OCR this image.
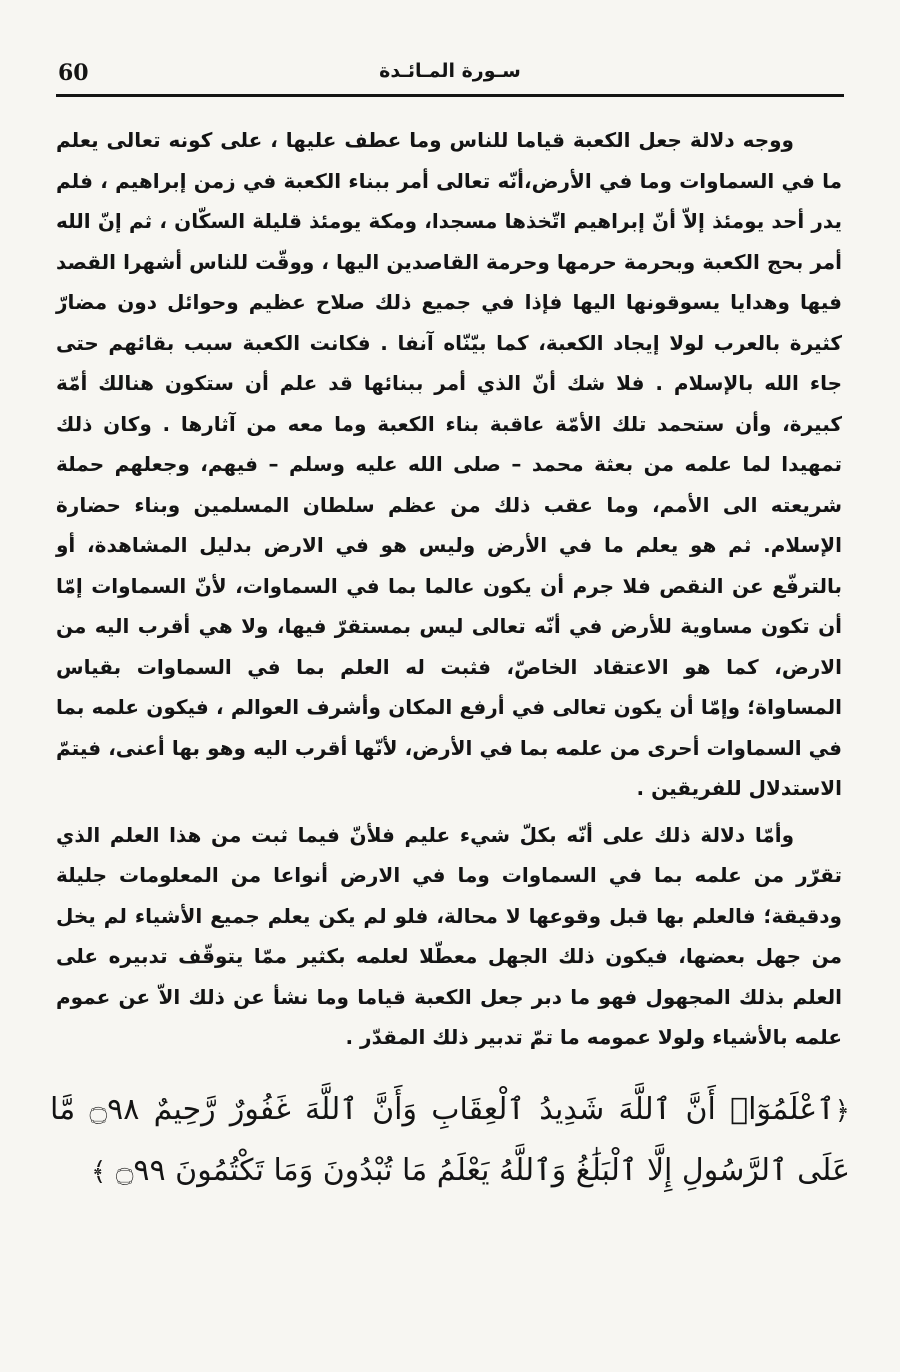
60	سـورة المـائـدة

ووجه دلالة جعل الكعبة قياما للناس وما عطف عليها ، على كونه تعالى يعلم ما في السماوات وما في الأرض،أنّه تعالى أمر ببناء الكعبة في زمن إبراهيم ، فلم يدر أحد يومئذ إلاّ أنّ إبراهيم اتّخذها مسجدا، ومكة يومئذ قليلة السكّان ، ثم إنّ الله أمر بحج الكعبة وبحرمة حرمها وحرمة القاصدين اليها ، ووقّت للناس أشهرا القصد فيها وهدايا يسوقونها اليها فإذا في جميع ذلك صلاح عظيم وحوائل دون مضارّ كثيرة بالعرب لولا إيجاد الكعبة، كما بيّنّاه آنفا . فكانت الكعبة سبب بقائهم حتى جاء الله بالإسلام . فلا شك أنّ الذي أمر ببنائها قد علم أن ستكون هنالك أمّة كبيرة، وأن ستحمد تلك الأمّة عاقبة بناء الكعبة وما معه من آثارها . وكان ذلك تمهيدا لما علمه من بعثة محمد – صلى الله عليه وسلم – فيهم، وجعلهم حملة شريعته الى الأمم، وما عقب ذلك من عظم سلطان المسلمين وبناء حضارة الإسلام. ثم هو يعلم ما في الأرض وليس هو في الارض بدليل المشاهدة، أو بالترفّع عن النقص فلا جرم أن يكون عالما بما في السماوات، لأنّ السماوات إمّا أن تكون مساوية للأرض في أنّه تعالى ليس بمستقرّ فيها، ولا هي أقرب اليه من الارض، كما هو الاعتقاد الخاصّ، فثبت له العلم بما في السماوات بقياس المساواة؛ وإمّا أن يكون تعالى في أرفع المكان وأشرف العوالم ، فيكون علمه بما في السماوات أحرى من علمه بما في الأرض، لأنّها أقرب اليه وهو بها أعنى، فيتمّ الاستدلال للفريقين .

وأمّا دلالة ذلك على أنّه بكلّ شيء عليم فلأنّ فيما ثبت من هذا العلم الذي تقرّر من علمه بما في السماوات وما في الارض أنواعا من المعلومات جليلة ودقيقة؛ فالعلم بها قبل وقوعها لا محالة، فلو لم يكن يعلم جميع الأشياء لم يخل من جهل بعضها، فيكون ذلك الجهل معطّلا لعلمه بكثير ممّا يتوقّف تدبيره على العلم بذلك المجهول فهو ما دبر جعل الكعبة قياما وما نشأ عن ذلك الاّ عن عموم علمه بالأشياء ولولا عمومه ما تمّ تدبير ذلك المقدّر .

﴿ٱعْلَمُوٓا۟ أَنَّ ٱللَّهَ شَدِيدُ ٱلْعِقَابِ وَأَنَّ ٱللَّهَ غَفُورٌ رَّحِيمٌ ۝٩٨ مَّا عَلَى ٱلرَّسُولِ إِلَّا ٱلْبَلَٰغُ وَٱللَّهُ يَعْلَمُ مَا تُبْدُونَ وَمَا تَكْتُمُونَ ۝٩٩ ﴾
